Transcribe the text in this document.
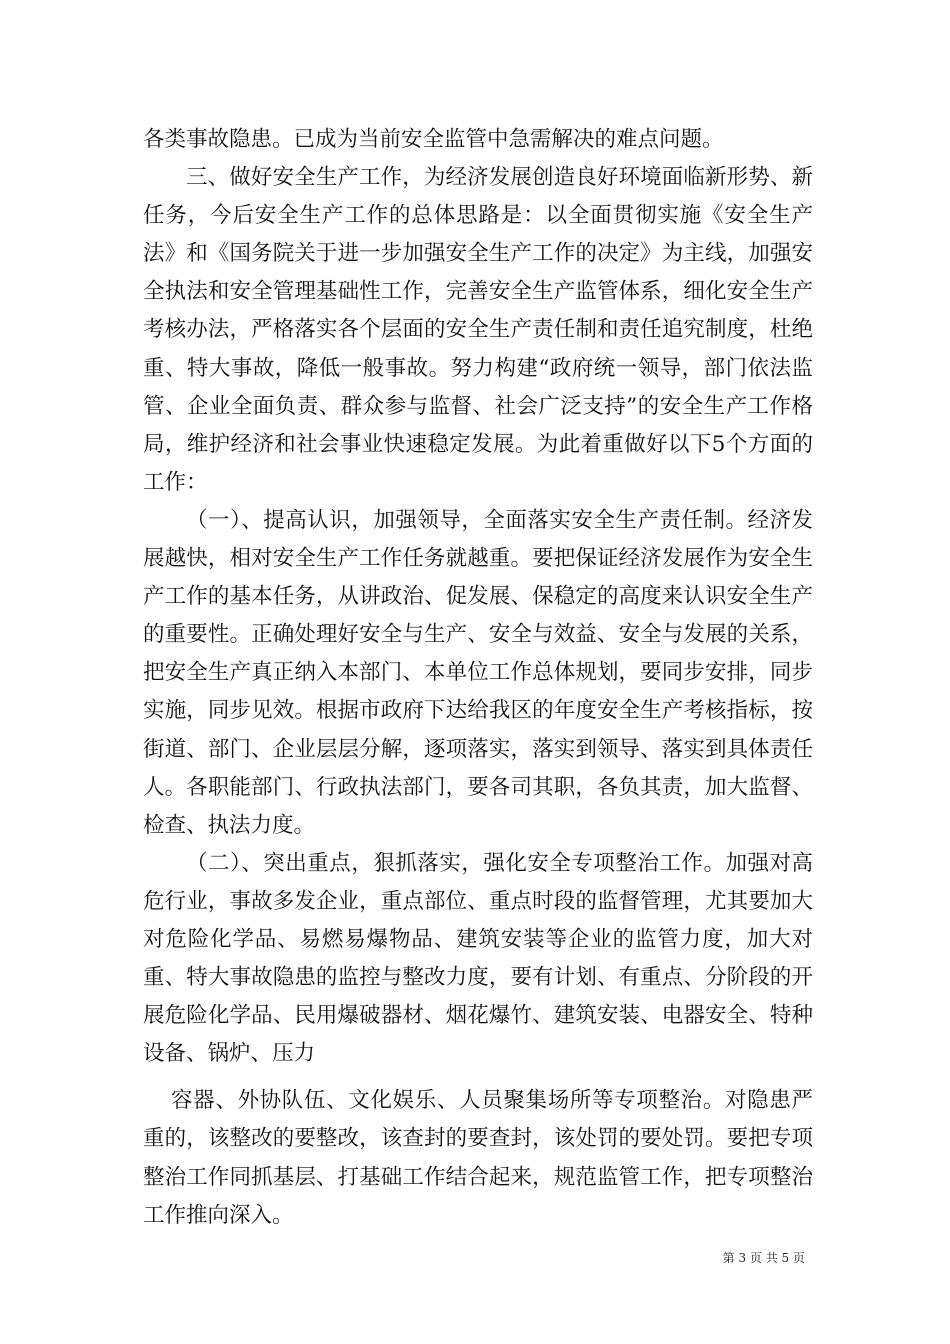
各类事故隐患。已成为当前安全监管中急需解决的难点问题。

三、做好安全生产工作，为经济发展创造良好环境面临新形势、新任务，今后安全生产工作的总体思路是：以全面贯彻实施《安全生产法》和《国务院关于进一步加强安全生产工作的决定》为主线，加强安全执法和安全管理基础性工作，完善安全生产监管体系，细化安全生产考核办法，严格落实各个层面的安全生产责任制和责任追究制度，杜绝重、特大事故，降低一般事故。努力构建“政府统一领导，部门依法监管、企业全面负责、群众参与监督、社会广泛支持”的安全生产工作格局，维护经济和社会事业快速稳定发展。为此着重做好以下5个方面的工作：

（一）、提高认识，加强领导，全面落实安全生产责任制。经济发展越快，相对安全生产工作任务就越重。要把保证经济发展作为安全生产工作的基本任务，从讲政治、促发展、保稳定的高度来认识安全生产的重要性。正确处理好安全与生产、安全与效益、安全与发展的关系，把安全生产真正纳入本部门、本单位工作总体规划，要同步安排，同步实施，同步见效。根据市政府下达给我区的年度安全生产考核指标，按街道、部门、企业层层分解，逐项落实，落实到领导、落实到具体责任人。各职能部门、行政执法部门，要各司其职，各负其责，加大监督、检查、执法力度。

（二）、突出重点，狠抓落实，强化安全专项整治工作。加强对高危行业，事故多发企业，重点部位、重点时段的监督管理，尤其要加大对危险化学品、易燃易爆物品、建筑安装等企业的监管力度，加大对重、特大事故隐患的监控与整改力度，要有计划、有重点、分阶段的开展危险化学品、民用爆破器材、烟花爆竹、建筑安装、电器安全、特种设备、锅炉、压力

容器、外协队伍、文化娱乐、人员聚集场所等专项整治。对隐患严重的，该整改的要整改，该查封的要查封，该处罚的要处罚。要把专项整治工作同抓基层、打基础工作结合起来，规范监管工作，把专项整治工作推向深入。

第 3 页 共 5 页
